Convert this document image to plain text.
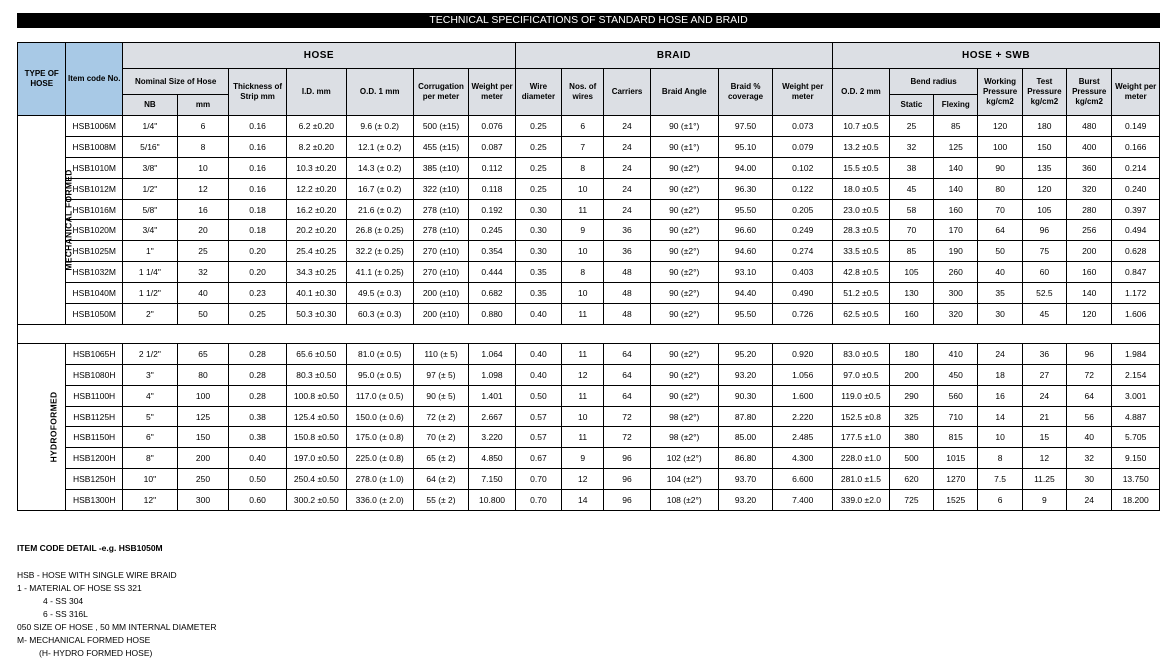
TECHNICAL SPECIFICATIONS OF STANDARD HOSE AND BRAID
TYPE OF HOSE	Item code No.	HOSE							BRAID						HOSE + SWB						
		Nominal Size of Hose		Thickness of Strip mm	I.D. mm	O.D. 1 mm	Corrugation per meter	Weight per meter	Wire diameter	Nos. of wires	Carriers	Braid Angle	Braid % coverage	Weight per meter	O.D. 2 mm	Bend radius		Working Pressure kg/cm2	Test Pressure kg/cm2	Burst Pressure kg/cm2	Weight per meter
		NB	mm													Static	Flexing				
MECHANICAL FORMED	HSB1006M	1/4"	6	0.16	6.2 ±0.20	9.6 (± 0.2)	500 (±15)	0.076	0.25	6	24	90 (±1°)	97.50	0.073	10.7 ±0.5	25	85	120	180	480	0.149
	HSB1008M	5/16"	8	0.16	8.2 ±0.20	12.1 (± 0.2)	455 (±15)	0.087	0.25	7	24	90 (±1°)	95.10	0.079	13.2 ±0.5	32	125	100	150	400	0.166
	HSB1010M	3/8"	10	0.16	10.3 ±0.20	14.3 (± 0.2)	385 (±10)	0.112	0.25	8	24	90 (±2°)	94.00	0.102	15.5 ±0.5	38	140	90	135	360	0.214
	HSB1012M	1/2"	12	0.16	12.2 ±0.20	16.7 (± 0.2)	322 (±10)	0.118	0.25	10	24	90 (±2°)	96.30	0.122	18.0 ±0.5	45	140	80	120	320	0.240
	HSB1016M	5/8"	16	0.18	16.2 ±0.20	21.6 (± 0.2)	278 (±10)	0.192	0.30	11	24	90 (±2°)	95.50	0.205	23.0 ±0.5	58	160	70	105	280	0.397
	HSB1020M	3/4"	20	0.18	20.2 ±0.20	26.8 (± 0.25)	278 (±10)	0.245	0.30	9	36	90 (±2°)	96.60	0.249	28.3 ±0.5	70	170	64	96	256	0.494
	HSB1025M	1"	25	0.20	25.4 ±0.25	32.2 (± 0.25)	270 (±10)	0.354	0.30	10	36	90 (±2°)	94.60	0.274	33.5 ±0.5	85	190	50	75	200	0.628
	HSB1032M	1 1/4"	32	0.20	34.3 ±0.25	41.1 (± 0.25)	270 (±10)	0.444	0.35	8	48	90 (±2°)	93.10	0.403	42.8 ±0.5	105	260	40	60	160	0.847
	HSB1040M	1 1/2"	40	0.23	40.1 ±0.30	49.5 (± 0.3)	200 (±10)	0.682	0.35	10	48	90 (±2°)	94.40	0.490	51.2 ±0.5	130	300	35	52.5	140	1.172
	HSB1050M	2"	50	0.25	50.3 ±0.30	60.3 (± 0.3)	200 (±10)	0.880	0.40	11	48	90 (±2°)	95.50	0.726	62.5 ±0.5	160	320	30	45	120	1.606

HYDROFORMED	HSB1065H	2 1/2"	65	0.28	65.6 ±0.50	81.0 (± 0.5)	110 (± 5)	1.064	0.40	11	64	90 (±2°)	95.20	0.920	83.0 ±0.5	180	410	24	36	96	1.984
	HSB1080H	3"	80	0.28	80.3 ±0.50	95.0 (± 0.5)	97 (± 5)	1.098	0.40	12	64	90 (±2°)	93.20	1.056	97.0 ±0.5	200	450	18	27	72	2.154
	HSB1100H	4"	100	0.28	100.8 ±0.50	117.0 (± 0.5)	90 (± 5)	1.401	0.50	11	64	90 (±2°)	90.30	1.600	119.0 ±0.5	290	560	16	24	64	3.001
	HSB1125H	5"	125	0.38	125.4 ±0.50	150.0 (± 0.6)	72 (± 2)	2.667	0.57	10	72	98 (±2°)	87.80	2.220	152.5 ±0.8	325	710	14	21	56	4.887
	HSB1150H	6"	150	0.38	150.8 ±0.50	175.0 (± 0.8)	70 (± 2)	3.220	0.57	11	72	98 (±2°)	85.00	2.485	177.5 ±1.0	380	815	10	15	40	5.705
	HSB1200H	8"	200	0.40	197.0 ±0.50	225.0 (± 0.8)	65 (± 2)	4.850	0.67	9	96	102 (±2°)	86.80	4.300	228.0 ±1.0	500	1015	8	12	32	9.150
	HSB1250H	10"	250	0.50	250.4 ±0.50	278.0 (± 1.0)	64 (± 2)	7.150	0.70	12	96	104 (±2°)	93.70	6.600	281.0 ±1.5	620	1270	7.5	11.25	30	13.750
	HSB1300H	12"	300	0.60	300.2 ±0.50	336.0 (± 2.0)	55 (± 2)	10.800	0.70	14	96	108 (±2°)	93.20	7.400	339.0 ±2.0	725	1525	6	9	24	18.200
ITEM CODE DETAIL -e.g. HSB1050M
HSB - HOSE WITH SINGLE WIRE BRAID
1 - MATERIAL OF HOSE SS 321
4 - SS 304
6 - SS 316L
050 SIZE OF HOSE , 50 MM INTERNAL DIAMETER
M- MECHANICAL FORMED HOSE
(H- HYDRO FORMED HOSE)
